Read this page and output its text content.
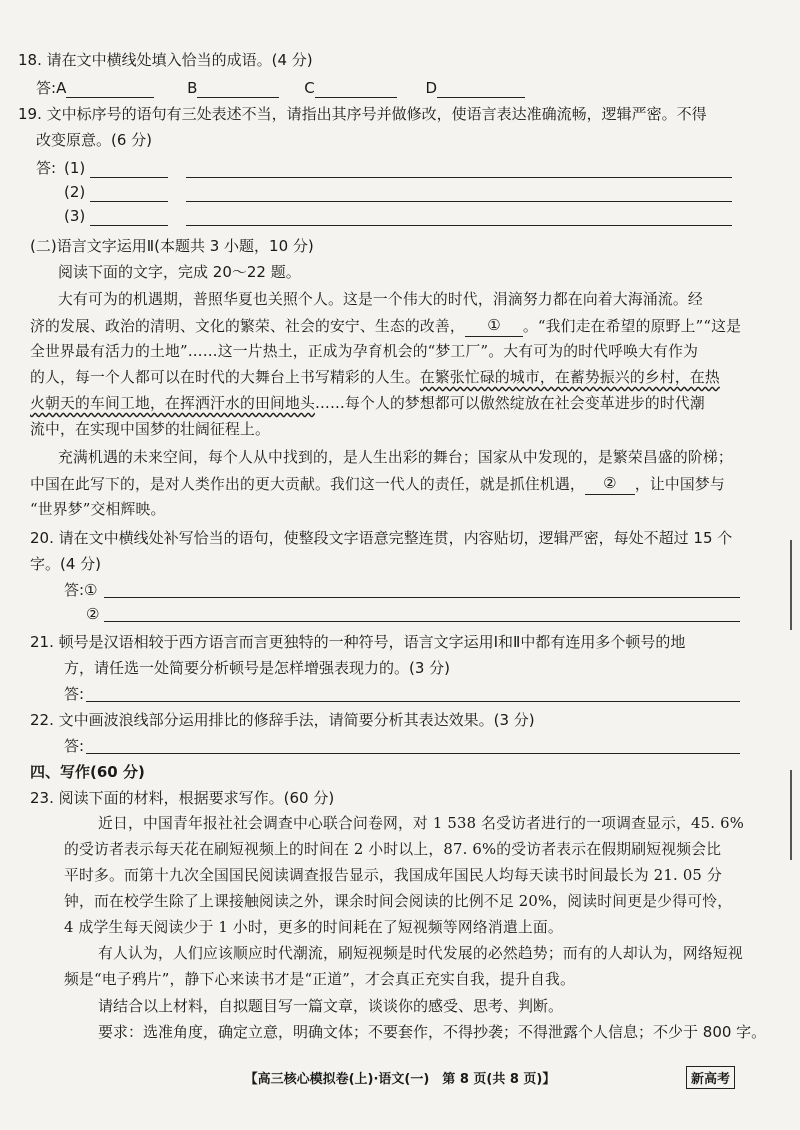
18. 请在文中横线处填入恰当的成语。(4 分)
答:A	B	C	D
19. 文中标序号的语句有三处表述不当，请指出其序号并做修改，使语言表达准确流畅，逻辑严密。不得
改变原意。(6 分)
答: (1)
(2)
(3)
(二)语言文字运用Ⅱ(本题共 3 小题，10 分)
阅读下面的文字，完成 20～22 题。
大有可为的机遇期，普照华夏也关照个人。这是一个伟大的时代，涓滴努力都在向着大海涌流。经
济的发展、政治的清明、文化的繁荣、社会的安宁、生态的改善， ① 。“我们走在希望的原野上”“这是
全世界最有活力的土地”……这一片热土，正成为孕育机会的“梦工厂”。大有可为的时代呼唤大有作为
的人，每一个人都可以在时代的大舞台上书写精彩的人生。在繁张忙碌的城市，在蓄势振兴的乡村，在热
火朝天的车间工地，在挥洒汗水的田间地头……每个人的梦想都可以傲然绽放在社会变革进步的时代潮
流中，在实现中国梦的壮阔征程上。
充满机遇的未来空间，每个人从中找到的，是人生出彩的舞台；国家从中发现的，是繁荣昌盛的阶梯；
中国在此写下的，是对人类作出的更大贡献。我们这一代人的责任，就是抓住机遇， ② ，让中国梦与
“世界梦”交相辉映。
20. 请在文中横线处补写恰当的语句，使整段文字语意完整连贯，内容贴切，逻辑严密，每处不超过 15 个
字。(4 分)
答:①
②
21. 顿号是汉语相较于西方语言而言更独特的一种符号，语言文字运用Ⅰ和Ⅱ中都有连用多个顿号的地
方，请任选一处简要分析顿号是怎样增强表现力的。(3 分)
答:
22. 文中画波浪线部分运用排比的修辞手法，请简要分析其表达效果。(3 分)
答:
四、写作(60 分)
23. 阅读下面的材料，根据要求写作。(60 分)
近日，中国青年报社社会调查中心联合问卷网，对 1 538 名受访者进行的一项调查显示，45. 6%
的受访者表示每天花在刷短视频上的时间在 2 小时以上，87. 6%的受访者表示在假期刷短视频会比
平时多。而第十九次全国国民阅读调查报告显示，我国成年国民人均每天读书时间最长为 21. 05 分
钟，而在校学生除了上课接触阅读之外，课余时间会阅读的比例不足 20%，阅读时间更是少得可怜，
4 成学生每天阅读少于 1 小时，更多的时间耗在了短视频等网络消遣上面。
有人认为，人们应该顺应时代潮流，刷短视频是时代发展的必然趋势；而有的人却认为，网络短视
频是“电子鸦片”，静下心来读书才是“正道”，才会真正充实自我，提升自我。
请结合以上材料，自拟题目写一篇文章，谈谈你的感受、思考、判断。
要求：选准角度，确定立意，明确文体；不要套作，不得抄袭；不得泄露个人信息；不少于 800 字。
【高三核心模拟卷(上)·语文(一)　第 8 页(共 8 页)】	新高考
